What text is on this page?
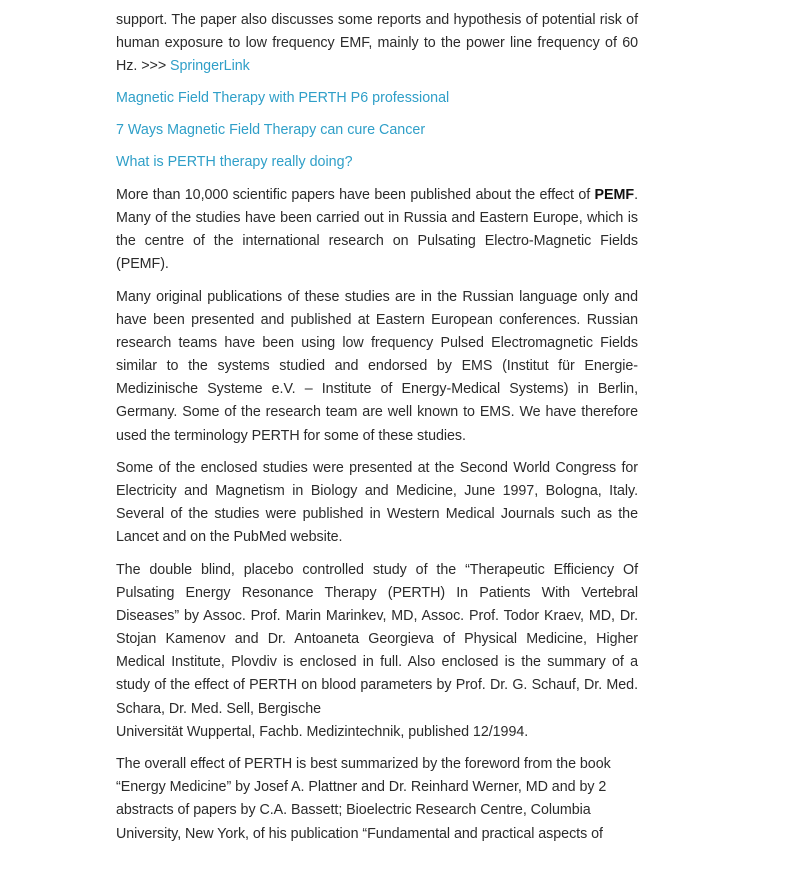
support. The paper also discusses some reports and hypothesis of potential risk of human exposure to low frequency EMF, mainly to the power line frequency of 60 Hz. >>> SpringerLink

Magnetic Field Therapy with PERTH P6 professional
7 Ways Magnetic Field Therapy can cure Cancer
What is PERTH therapy really doing?

More than 10,000 scientific papers have been published about the effect of PEMF. Many of the studies have been carried out in Russia and Eastern Europe, which is the centre of the international research on Pulsating Electro-Magnetic Fields (PEMF).

Many original publications of these studies are in the Russian language only and have been presented and published at Eastern European conferences. Russian research teams have been using low frequency Pulsed Electromagnetic Fields similar to the systems studied and endorsed by EMS (Institut für Energie-Medizinische Systeme e.V. – Institute of Energy-Medical Systems) in Berlin, Germany. Some of the research team are well known to EMS. We have therefore used the terminology PERTH for some of these studies.

Some of the enclosed studies were presented at the Second World Congress for Electricity and Magnetism in Biology and Medicine, June 1997, Bologna, Italy. Several of the studies were published in Western Medical Journals such as the Lancet and on the PubMed website.

The double blind, placebo controlled study of the “Therapeutic Efficiency Of Pulsating Energy Resonance Therapy (PERTH) In Patients With Vertebral Diseases” by Assoc. Prof. Marin Marinkev, MD, Assoc. Prof. Todor Kraev, MD, Dr. Stojan Kamenov and Dr. Antoaneta Georgieva of Physical Medicine, Higher Medical Institute, Plovdiv is enclosed in full. Also enclosed is the summary of a study of the effect of PERTH on blood parameters by Prof. Dr. G. Schauf, Dr. Med. Schara, Dr. Med. Sell, Bergische
Universität Wuppertal, Fachb. Medizintechnik, published 12/1994.

The overall effect of PERTH is best summarized by the foreword from the book
“Energy Medicine” by Josef A. Plattner and Dr. Reinhard Werner, MD and by 2
abstracts of papers by C.A. Bassett; Bioelectric Research Centre, Columbia
University, New York, of his publication “Fundamental and practical aspects of
